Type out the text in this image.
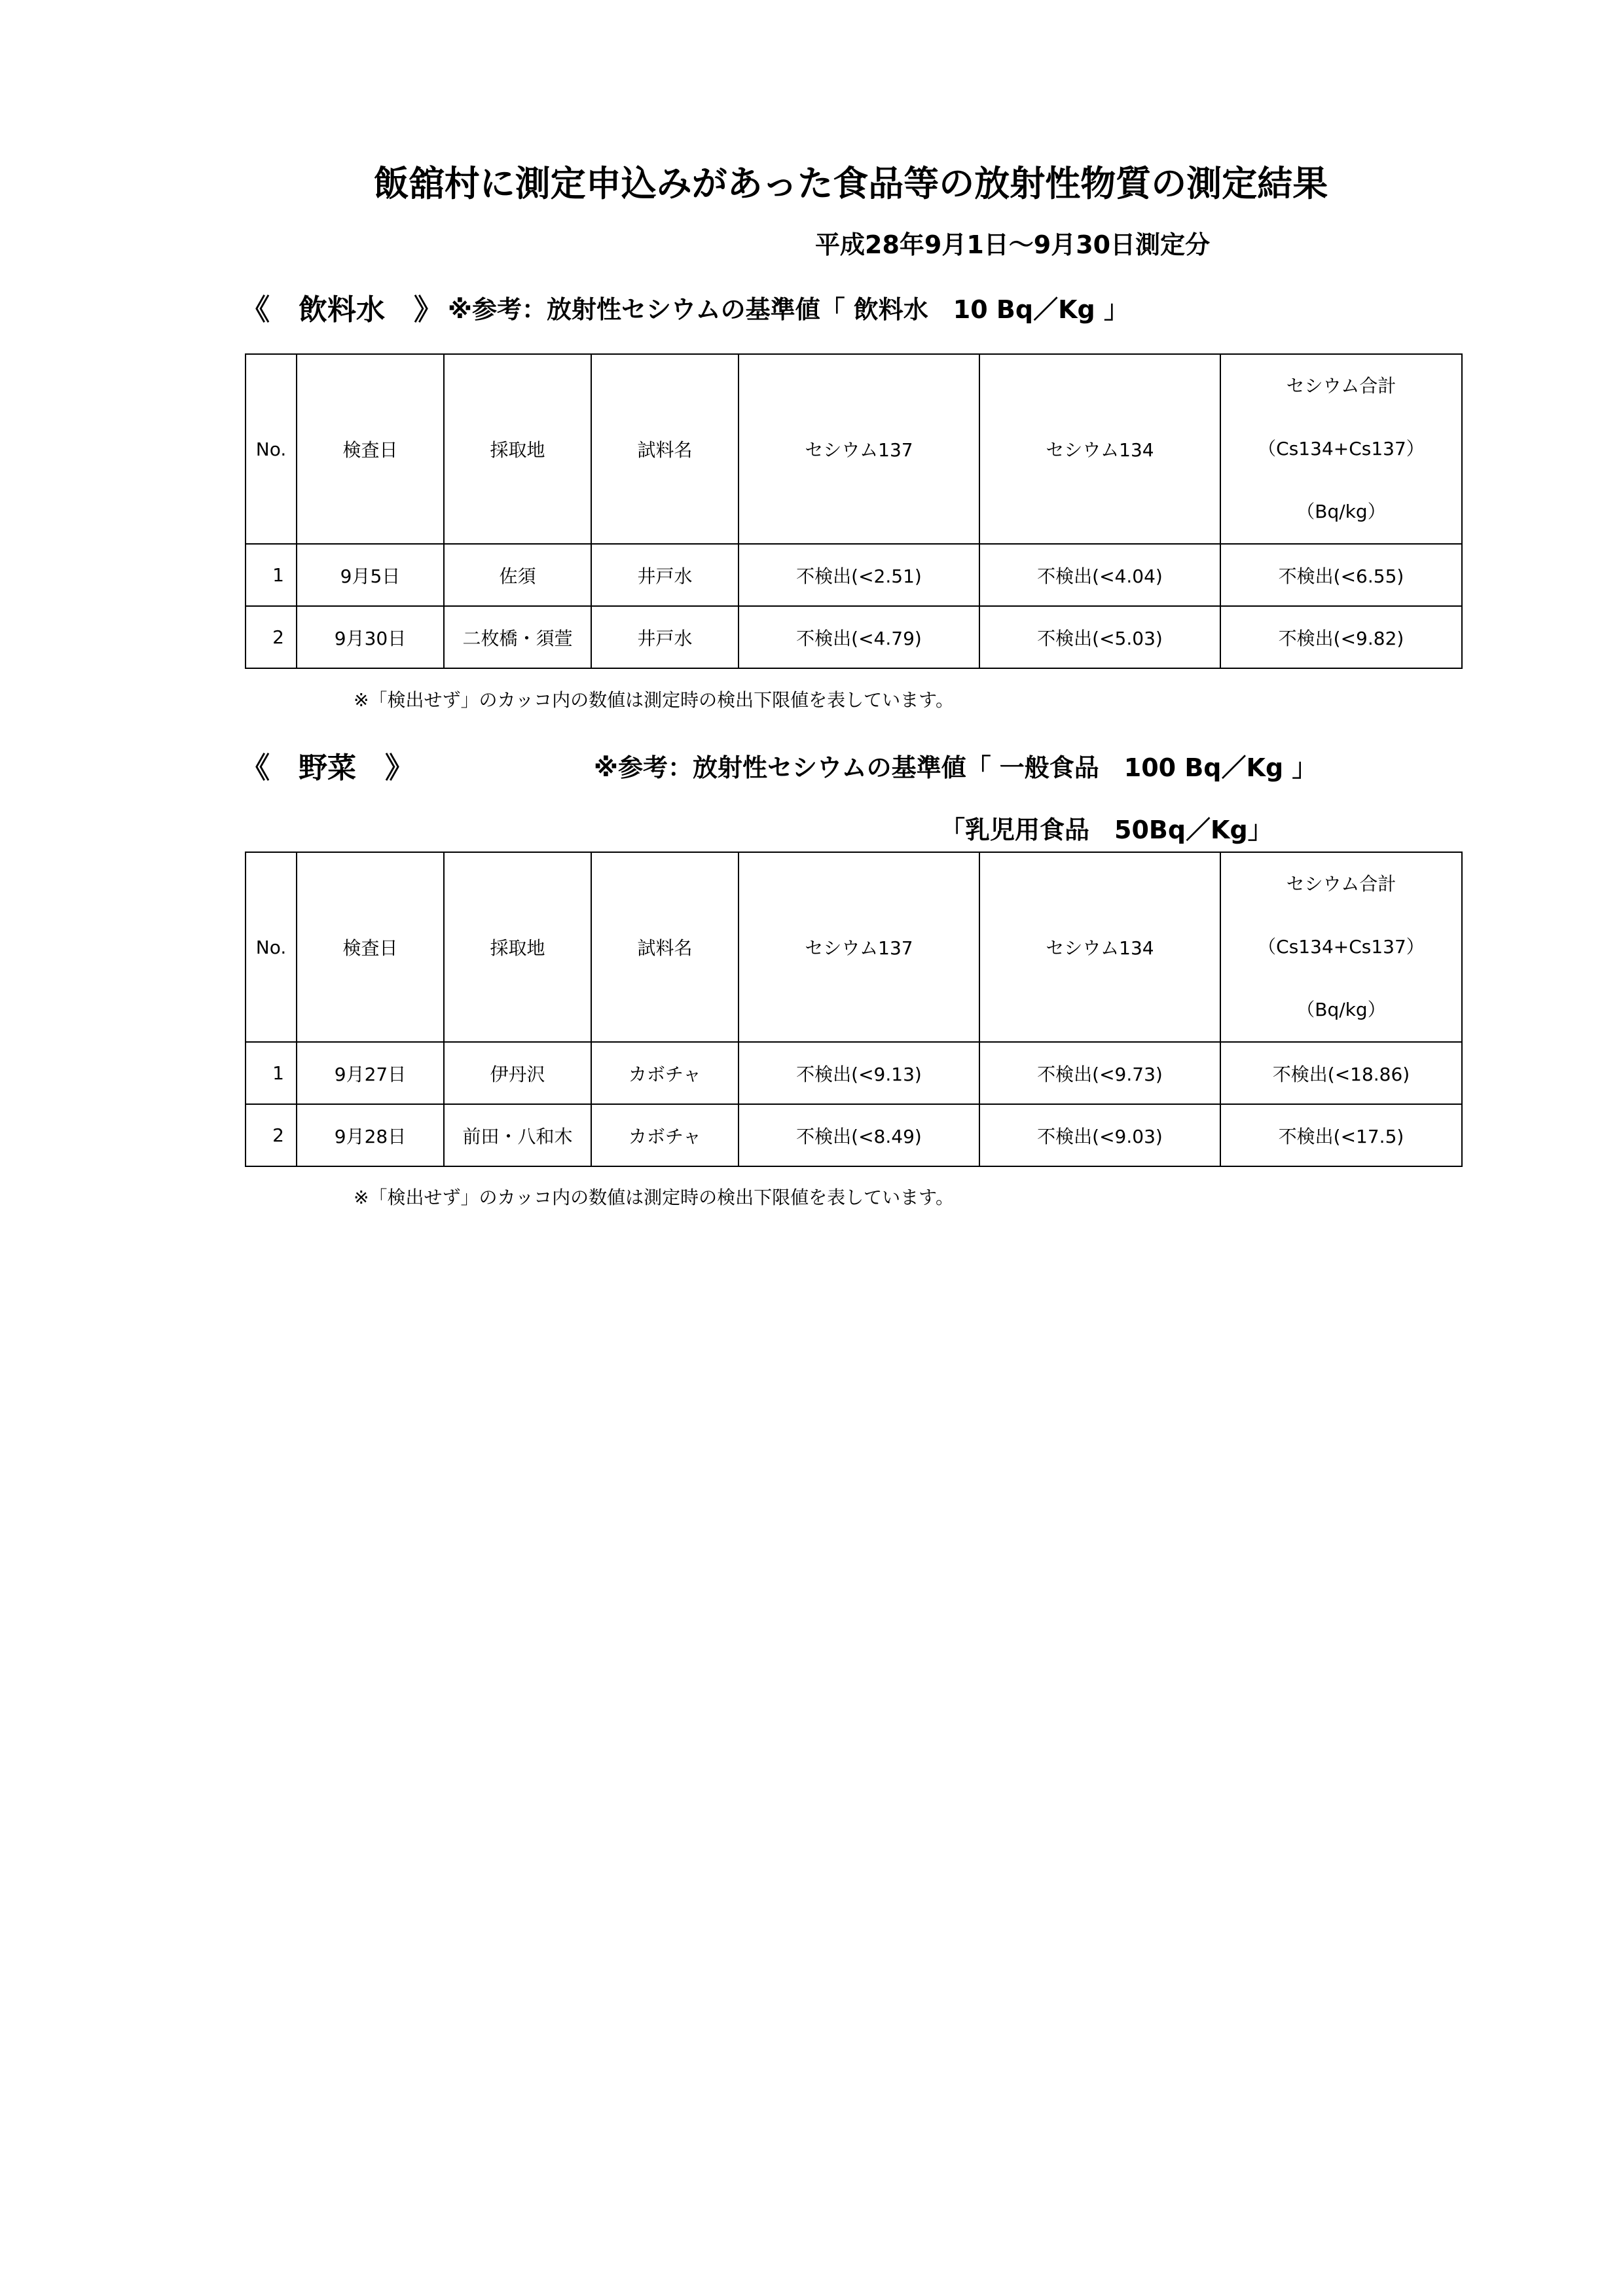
飯舘村に測定申込みがあった食品等の放射性物質の測定結果
平成28年9月1日～9月30日測定分
《　飲料水　》 ※参考：放射性セシウムの基準値「 飲料水　10 Bq／Kg 」
No.	検査日	採取地	試料名	セシウム137	セシウム134	セシウム合計
（Cs134+Cs137）
（Bq/kg）

1	9月5日	佐須	井戸水	不検出(<2.51)	不検出(<4.04)	不検出(<6.55)
2	9月30日	二枚橋・須萱	井戸水	不検出(<4.79)	不検出(<5.03)	不検出(<9.82)
※「検出せず」のカッコ内の数値は測定時の検出下限値を表しています。
《　野菜　》	※参考：放射性セシウムの基準値「 一般食品　100 Bq／Kg 」
「乳児用食品　50Bq／Kg」
No.	検査日	採取地	試料名	セシウム137	セシウム134	セシウム合計
（Cs134+Cs137）
（Bq/kg）

1	9月27日	伊丹沢	カボチャ	不検出(<9.13)	不検出(<9.73)	不検出(<18.86)
2	9月28日	前田・八和木	カボチャ	不検出(<8.49)	不検出(<9.03)	不検出(<17.5)
※「検出せず」のカッコ内の数値は測定時の検出下限値を表しています。
